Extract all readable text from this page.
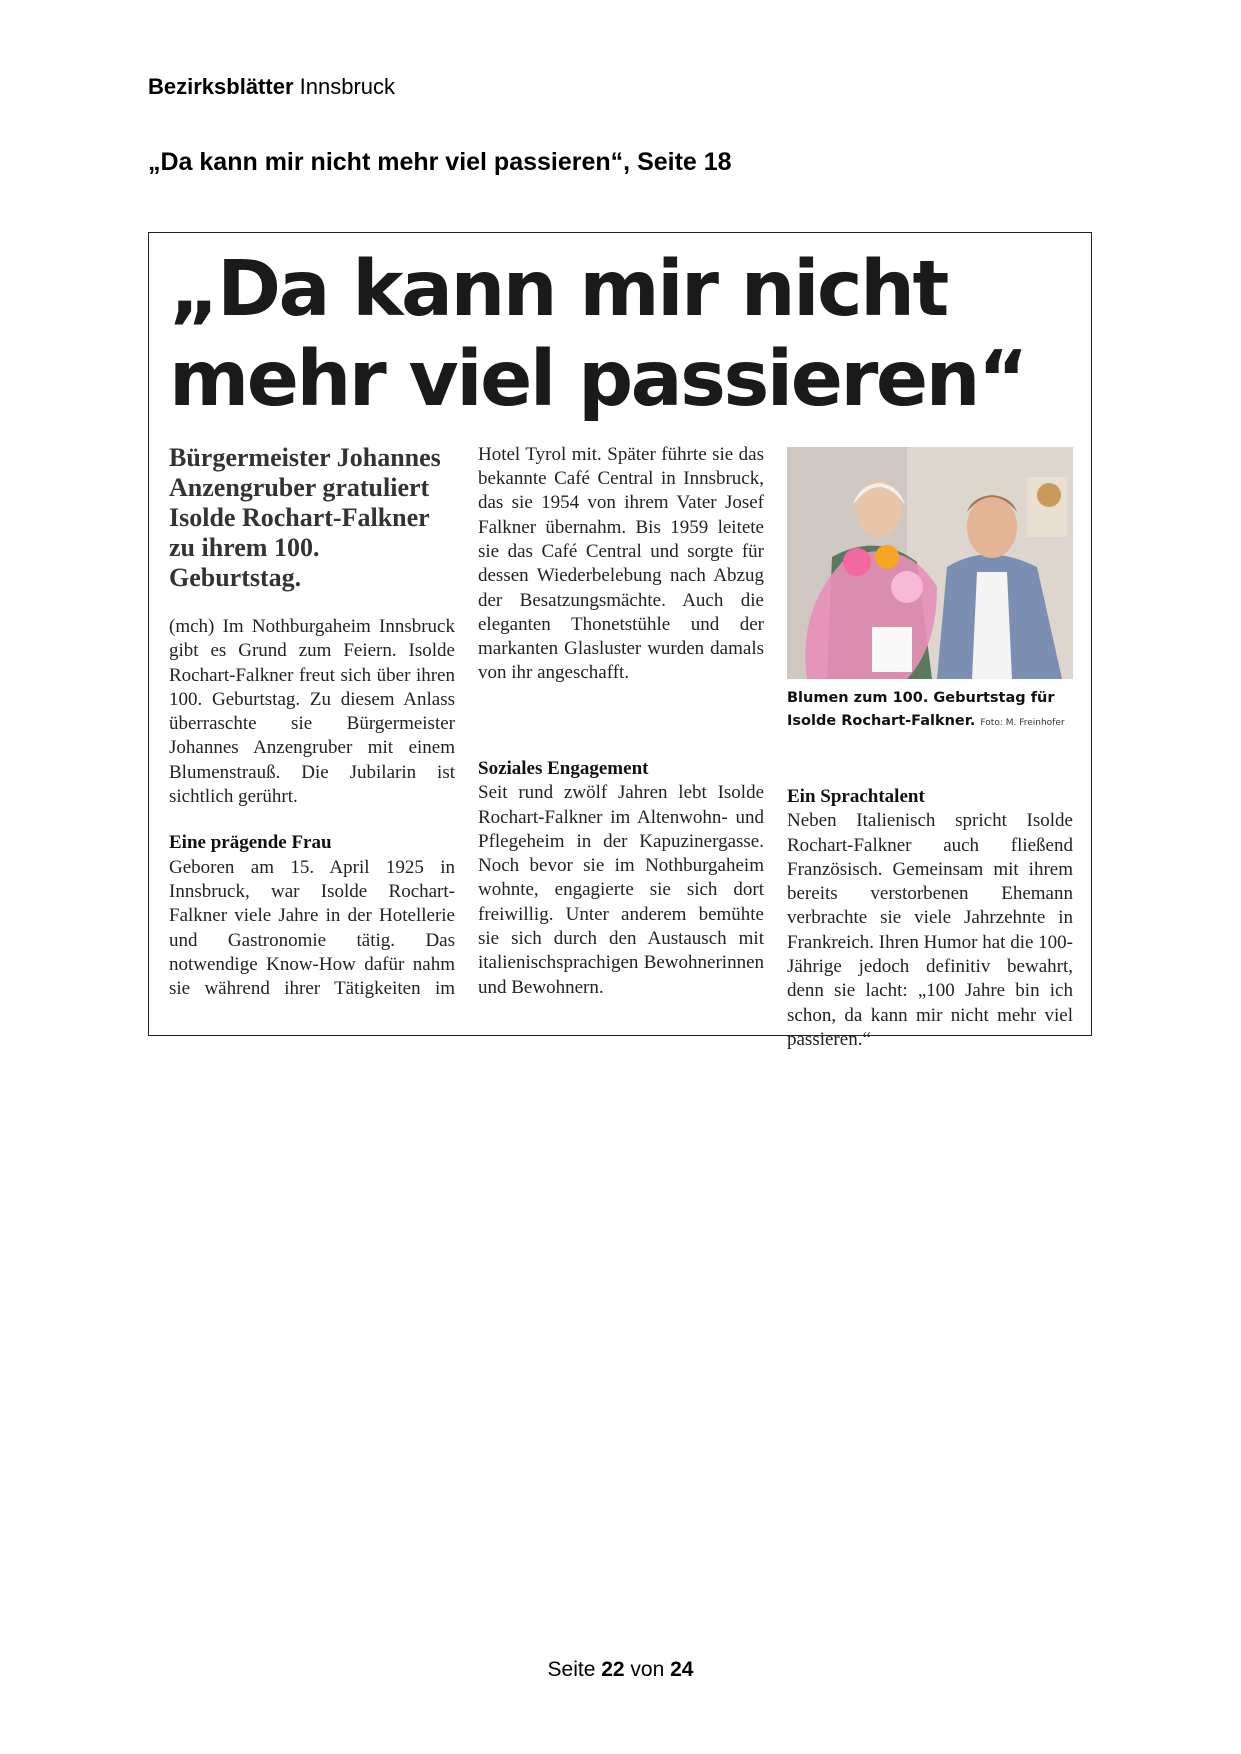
Bezirksblätter Innsbruck
„Da kann mir nicht mehr viel passieren“, Seite 18
„Da kann mir nicht
mehr viel passieren“
Bürgermeister Johannes Anzengruber gratuliert Isolde Rochart-Falkner zu ihrem 100. Geburtstag.

(mch) Im Nothburgaheim Innsbruck gibt es Grund zum Feiern. Isolde Rochart-Falkner freut sich über ihren 100. Geburtstag. Zu diesem Anlass überraschte sie Bürgermeister Johannes Anzengruber mit einem Blumenstrauß. Die Jubilarin ist sichtlich gerührt.

Eine prägende Frau

Geboren am 15. April 1925 in Innsbruck, war Isolde Rochart-Falkner viele Jahre in der Hotellerie und Gastronomie tätig. Das notwendige Know-How dafür nahm sie während ihrer Tätigkeiten im

Hotel Tyrol mit. Später führte sie das bekannte Café Central in Innsbruck, das sie 1954 von ihrem Vater Josef Falkner übernahm. Bis 1959 leitete sie das Café Central und sorgte für dessen Wiederbelebung nach Abzug der Besatzungsmächte. Auch die eleganten Thonetstühle und der markanten Glasluster wurden damals von ihr angeschafft.

Soziales Engagement

Seit rund zwölf Jahren lebt Isolde Rochart-Falkner im Altenwohn- und Pflegeheim in der Kapuzinergasse. Noch bevor sie im Nothburgaheim wohnte, engagierte sie sich dort freiwillig. Unter anderem bemühte sie sich durch den Austausch mit italienischsprachigen Bewohnerinnen und Bewohnern.

Blumen zum 100. Geburtstag für Isolde Rochart-Falkner. Foto: M. Freinhofer
Ein Sprachtalent

Neben Italienisch spricht Isolde Rochart-Falkner auch fließend Französisch. Gemeinsam mit ihrem bereits verstorbenen Ehemann verbrachte sie viele Jahrzehnte in Frankreich. Ihren Humor hat die 100-Jährige jedoch definitiv bewahrt, denn sie lacht: „100 Jahre bin ich schon, da kann mir nicht mehr viel passieren.“

Seite 22 von 24
